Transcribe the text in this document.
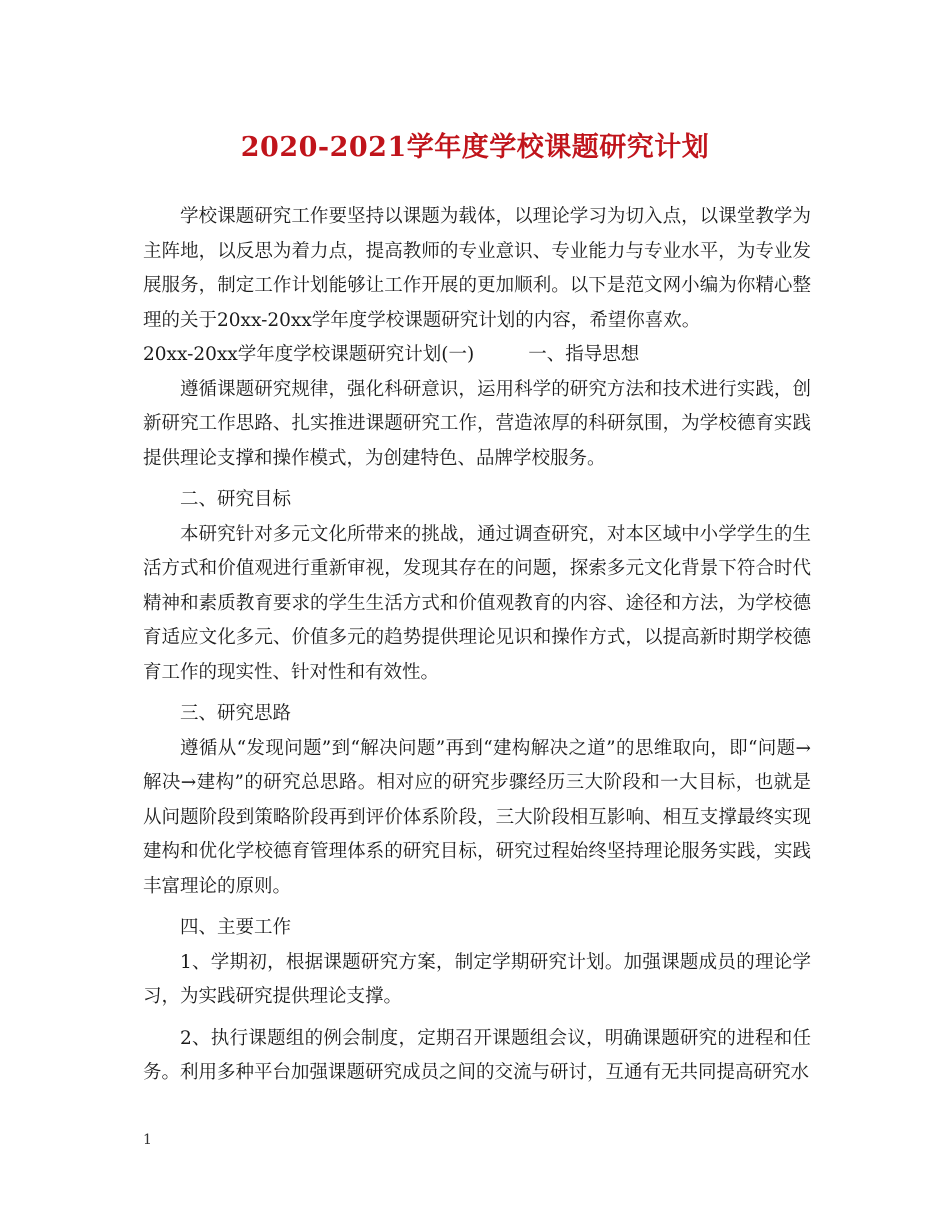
2020-2021学年度学校课题研究计划

学校课题研究工作要坚持以课题为载体，以理论学习为切入点，以课堂教学为主阵地，以反思为着力点，提高教师的专业意识、专业能力与专业水平，为专业发展服务，制定工作计划能够让工作开展的更加顺利。以下是范文网小编为你精心整理的关于20xx-20xx学年度学校课题研究计划的内容，希望你喜欢。

20xx-20xx学年度学校课题研究计划(一)	一、指导思想

遵循课题研究规律，强化科研意识，运用科学的研究方法和技术进行实践，创新研究工作思路、扎实推进课题研究工作，营造浓厚的科研氛围，为学校德育实践提供理论支撑和操作模式，为创建特色、品牌学校服务。

二、研究目标

本研究针对多元文化所带来的挑战，通过调查研究，对本区域中小学学生的生活方式和价值观进行重新审视，发现其存在的问题，探索多元文化背景下符合时代精神和素质教育要求的学生生活方式和价值观教育的内容、途径和方法，为学校德育适应文化多元、价值多元的趋势提供理论见识和操作方式，以提高新时期学校德育工作的现实性、针对性和有效性。

三、研究思路

遵循从“发现问题”到“解决问题”再到“建构解决之道”的思维取向，即“问题→ 解决→建构”的研究总思路。相对应的研究步骤经历三大阶段和一大目标，也就是从问题阶段到策略阶段再到评价体系阶段，三大阶段相互影响、相互支撑最终实现建构和优化学校德育管理体系的研究目标，研究过程始终坚持理论服务实践，实践丰富理论的原则。

四、主要工作

1、学期初，根据课题研究方案，制定学期研究计划。加强课题成员的理论学习，为实践研究提供理论支撑。

2、执行课题组的例会制度，定期召开课题组会议，明确课题研究的进程和任务。利用多种平台加强课题研究成员之间的交流与研讨，互通有无共同提高研究水

1
